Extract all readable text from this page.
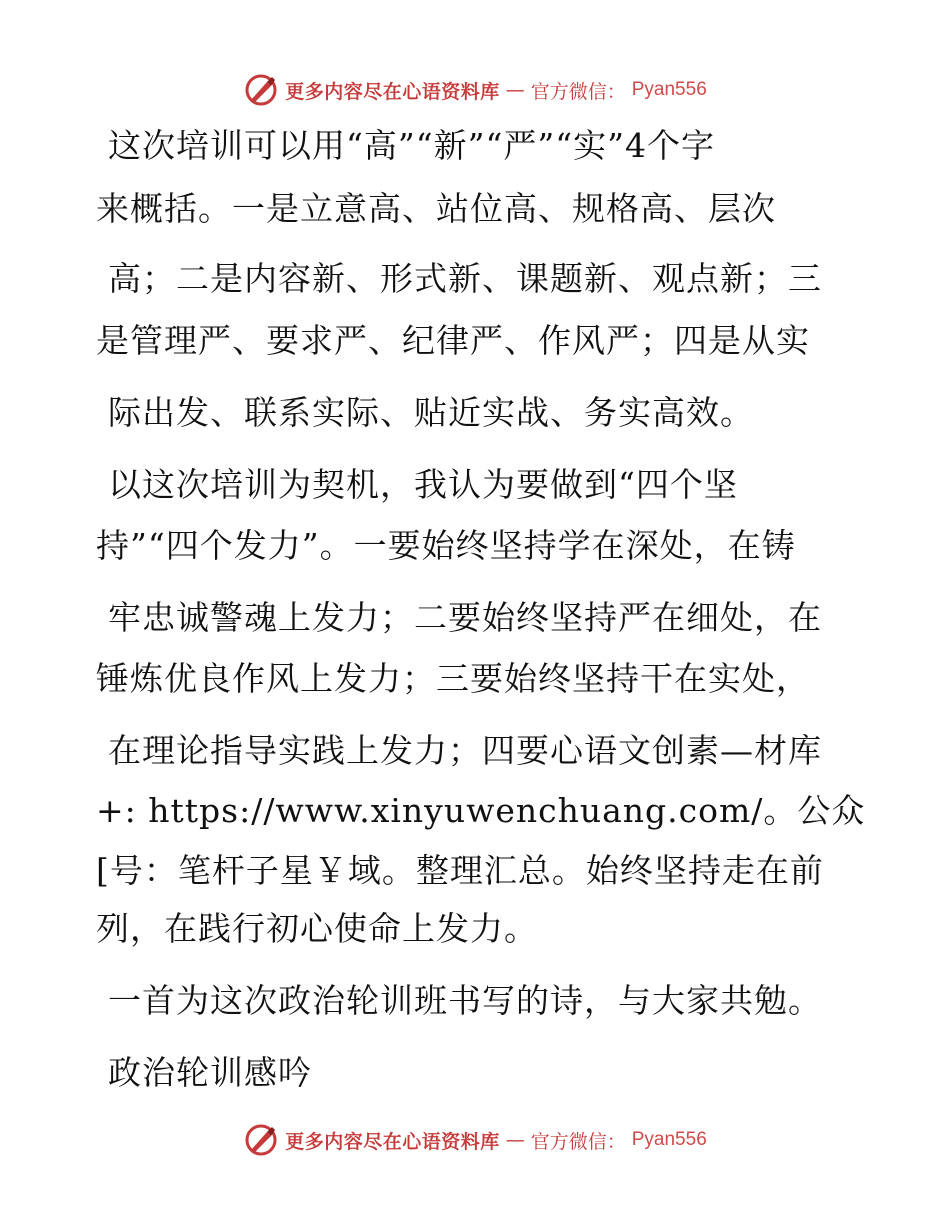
更多内容尽在心语资料库 — 官方微信： Pyan556
这次培训可以用“高”“新”“严”“实”4个字
来概括。一是立意高、站位高、规格高、层次
高；二是内容新、形式新、课题新、观点新；三
是管理严、要求严、纪律严、作风严；四是从实
际出发、联系实际、贴近实战、务实高效。
以这次培训为契机，我认为要做到“四个坚
持”“四个发力”。一要始终坚持学在深处，在铸
牢忠诚警魂上发力；二要始终坚持严在细处，在
锤炼优良作风上发力；三要始终坚持干在实处，
在理论指导实践上发力；四要心语文创素—材库
+: https://www.xinyuwenchuang.com/。公众
[号：笔杆子星￥域。整理汇总。始终坚持走在前
列，在践行初心使命上发力。
一首为这次政治轮训班书写的诗，与大家共勉。
政治轮训感吟
更多内容尽在心语资料库 — 官方微信： Pyan556
